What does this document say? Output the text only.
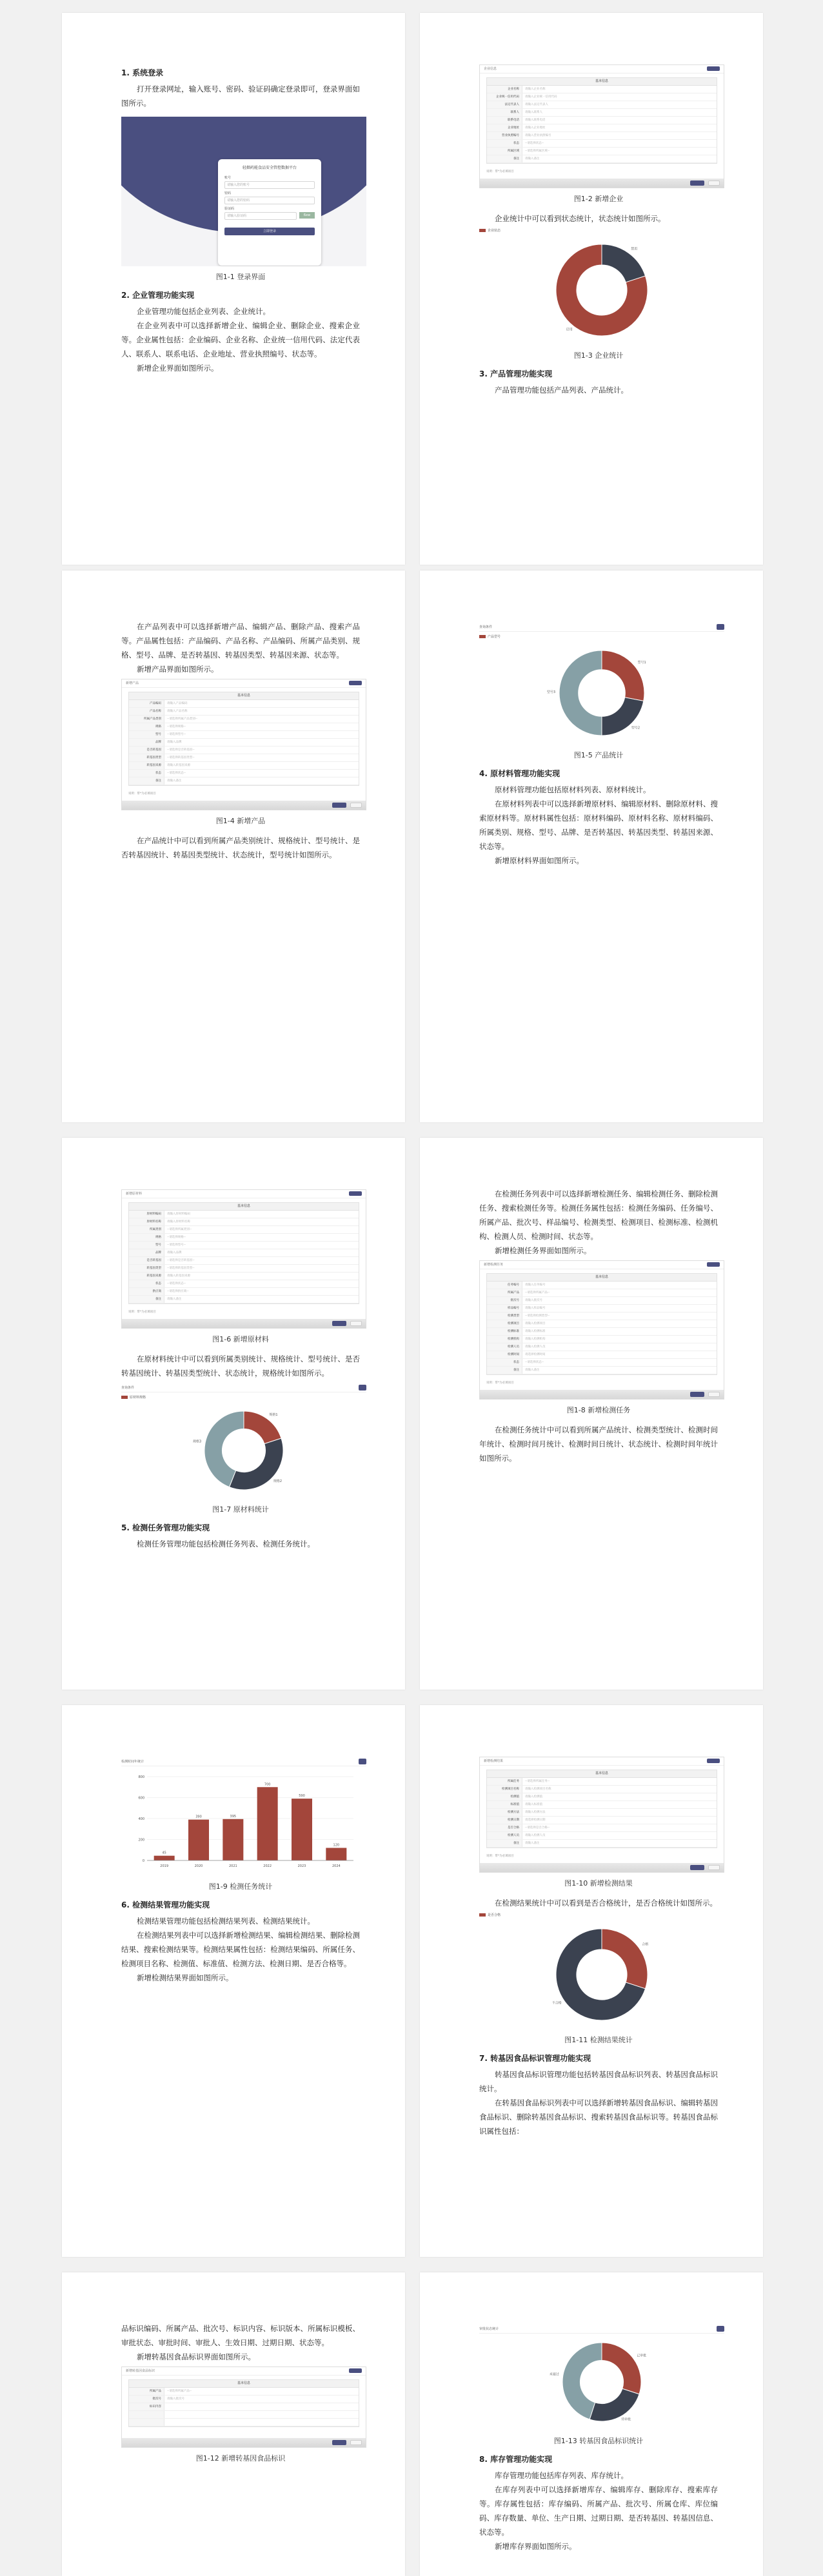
1. 系统登录

打开登录网址，输入账号、密码、验证码确定登录即可，登录界面如图所示。

轻烟药能食品安全管控数据平台
账号
请输入您的账号
密码
请输入您的密码
验证码
请输入验证码	6xw
立即登录
图1-1 登录界面
2. 企业管理功能实现

企业管理功能包括企业列表、企业统计。

在企业列表中可以选择新增企业、编辑企业、删除企业、搜索企业等。企业属性包括：企业编码、企业名称、企业统一信用代码、法定代表人、联系人、联系电话、企业地址、营业执照编号、状态等。

新增企业界面如图所示。

企业信息
基本信息
企业名称	请输入企业名称
企业统一信用代码	请输入企业统一信用代码
法定代表人	请输入法定代表人
联系人	请输入联系人
联系电话	请输入联系电话
企业地址	请输入企业地址
营业执照编号	请输入营业执照编号
状态	--请选择状态--
所属区域	--请选择所属区域--
备注	请输入备注
说明：带*为必填项目
图1-2 新增企业

企业统计中可以看到状态统计，状态统计如图所示。

企业状态
禁用
启用
图1-3 企业统计
3. 产品管理功能实现

产品管理功能包括产品列表、产品统计。

在产品列表中可以选择新增产品、编辑产品、删除产品、搜索产品等。产品属性包括：产品编码、产品名称、产品编码、所属产品类别、规格、型号、品牌、是否转基因、转基因类型、转基因来源、状态等。

新增产品界面如图所示。

新增产品
基本信息
产品编码	请输入产品编码
产品名称	请输入产品名称
所属产品类别	--请选择所属产品类别--
规格	--请选择规格--
型号	--请选择型号--
品牌	请输入品牌
是否转基因	--请选择是否转基因--
转基因类型	--请选择转基因类型--
转基因来源	请输入转基因来源
状态	--请选择状态--
备注	请输入备注
说明：带*为必填项目
图1-4 新增产品

在产品统计中可以看到所属产品类别统计、规格统计、型号统计、是否转基因统计、转基因类型统计、状态统计，型号统计如图所示。

查询条件
产品型号
型号1
型号2
型号3
图1-5 产品统计
4. 原材料管理功能实现

原材料管理功能包括原材料列表、原材料统计。

在原材料列表中可以选择新增原材料、编辑原材料、删除原材料、搜索原材料等。原材料属性包括：原材料编码、原材料名称、原材料编码、所属类别、规格、型号、品牌、是否转基因、转基因类型、转基因来源、状态等。

新增原材料界面如图所示。

新增原材料
基本信息
原材料编码	请输入原材料编码
原材料名称	请输入原材料名称
所属类别	--请选择所属类别--
规格	--请选择规格--
型号	--请选择型号--
品牌	请输入品牌
是否转基因	--请选择是否转基因--
转基因类型	--请选择转基因类型--
转基因来源	请输入转基因来源
状态	--请选择状态--
供应商	--请选择供应商--
备注	请输入备注
说明：带*为必填项目
图1-6 新增原材料

在原材料统计中可以看到所属类别统计、规格统计、型号统计、是否转基因统计、转基因类型统计、状态统计，规格统计如图所示。

查询条件
原材料规格
规格1
规格2
规格3
图1-7 原材料统计
5. 检测任务管理功能实现

检测任务管理功能包括检测任务列表、检测任务统计。

在检测任务列表中可以选择新增检测任务、编辑检测任务、删除检测任务、搜索检测任务等。检测任务属性包括：检测任务编码、任务编号、所属产品、批次号、样品编号、检测类型、检测项目、检测标准、检测机构、检测人员、检测时间、状态等。

新增检测任务界面如图所示。

新增检测任务
基本信息
任务编号	请输入任务编号
所属产品	--请选择所属产品--
批次号	请输入批次号
样品编号	请输入样品编号
检测类型	--请选择检测类型--
检测项目	请输入检测项目
检测标准	请输入检测标准
检测机构	请输入检测机构
检测人员	请输入检测人员
检测时间	请选择检测时间
状态	--请选择状态--
备注	请输入备注
说明：带*为必填项目
图1-8 新增检测任务

在检测任务统计中可以看到所属产品统计、检测类型统计、检测时间年统计、检测时间月统计、检测时间日统计、状态统计、检测时间年统计如图所示。

检测时间年统计
0
200
400
600
800
45
2019
390
2020
395
2021
700
2022
590
2023
120
2024
图1-9 检测任务统计
6. 检测结果管理功能实现

检测结果管理功能包括检测结果列表、检测结果统计。

在检测结果列表中可以选择新增检测结果、编辑检测结果、删除检测结果、搜索检测结果等。检测结果属性包括：检测结果编码、所属任务、检测项目名称、检测值、标准值、检测方法、检测日期、是否合格等。

新增检测结果界面如图所示。

新增检测结果
基本信息
所属任务	--请选择所属任务--
检测项目名称	请输入检测项目名称
检测值	请输入检测值
标准值	请输入标准值
检测方法	请输入检测方法
检测日期	请选择检测日期
是否合格	--请选择是否合格--
检测人员	请输入检测人员
备注	请输入备注
说明：带*为必填项目
图1-10 新增检测结果

在检测结果统计中可以看到是否合格统计，是否合格统计如图所示。

是否合格
合格
不合格
图1-11 检测结果统计
7. 转基因食品标识管理功能实现

转基因食品标识管理功能包括转基因食品标识列表、转基因食品标识统计。

在转基因食品标识列表中可以选择新增转基因食品标识、编辑转基因食品标识、删除转基因食品标识、搜索转基因食品标识等。转基因食品标识属性包括：

品标识编码、所属产品、批次号、标识内容、标识版本、所属标识模板、审批状态、审批时间、审批人、生效日期、过期日期、状态等。

新增转基因食品标识界面如图所示。

新增转基因食品标识
基本信息
所属产品	--请选择所属产品--
批次号	请输入批次号
标识内容
图1-12 新增转基因食品标识
审批状态统计
已审批
待审批
未通过
图1-13 转基因食品标识统计
8. 库存管理功能实现

库存管理功能包括库存列表、库存统计。

在库存列表中可以选择新增库存、编辑库存、删除库存、搜索库存等。库存属性包括：库存编码、所属产品、批次号、所属仓库、库位编码、库存数量、单位、生产日期、过期日期、是否转基因、转基因信息、状态等。

新增库存界面如图所示。
